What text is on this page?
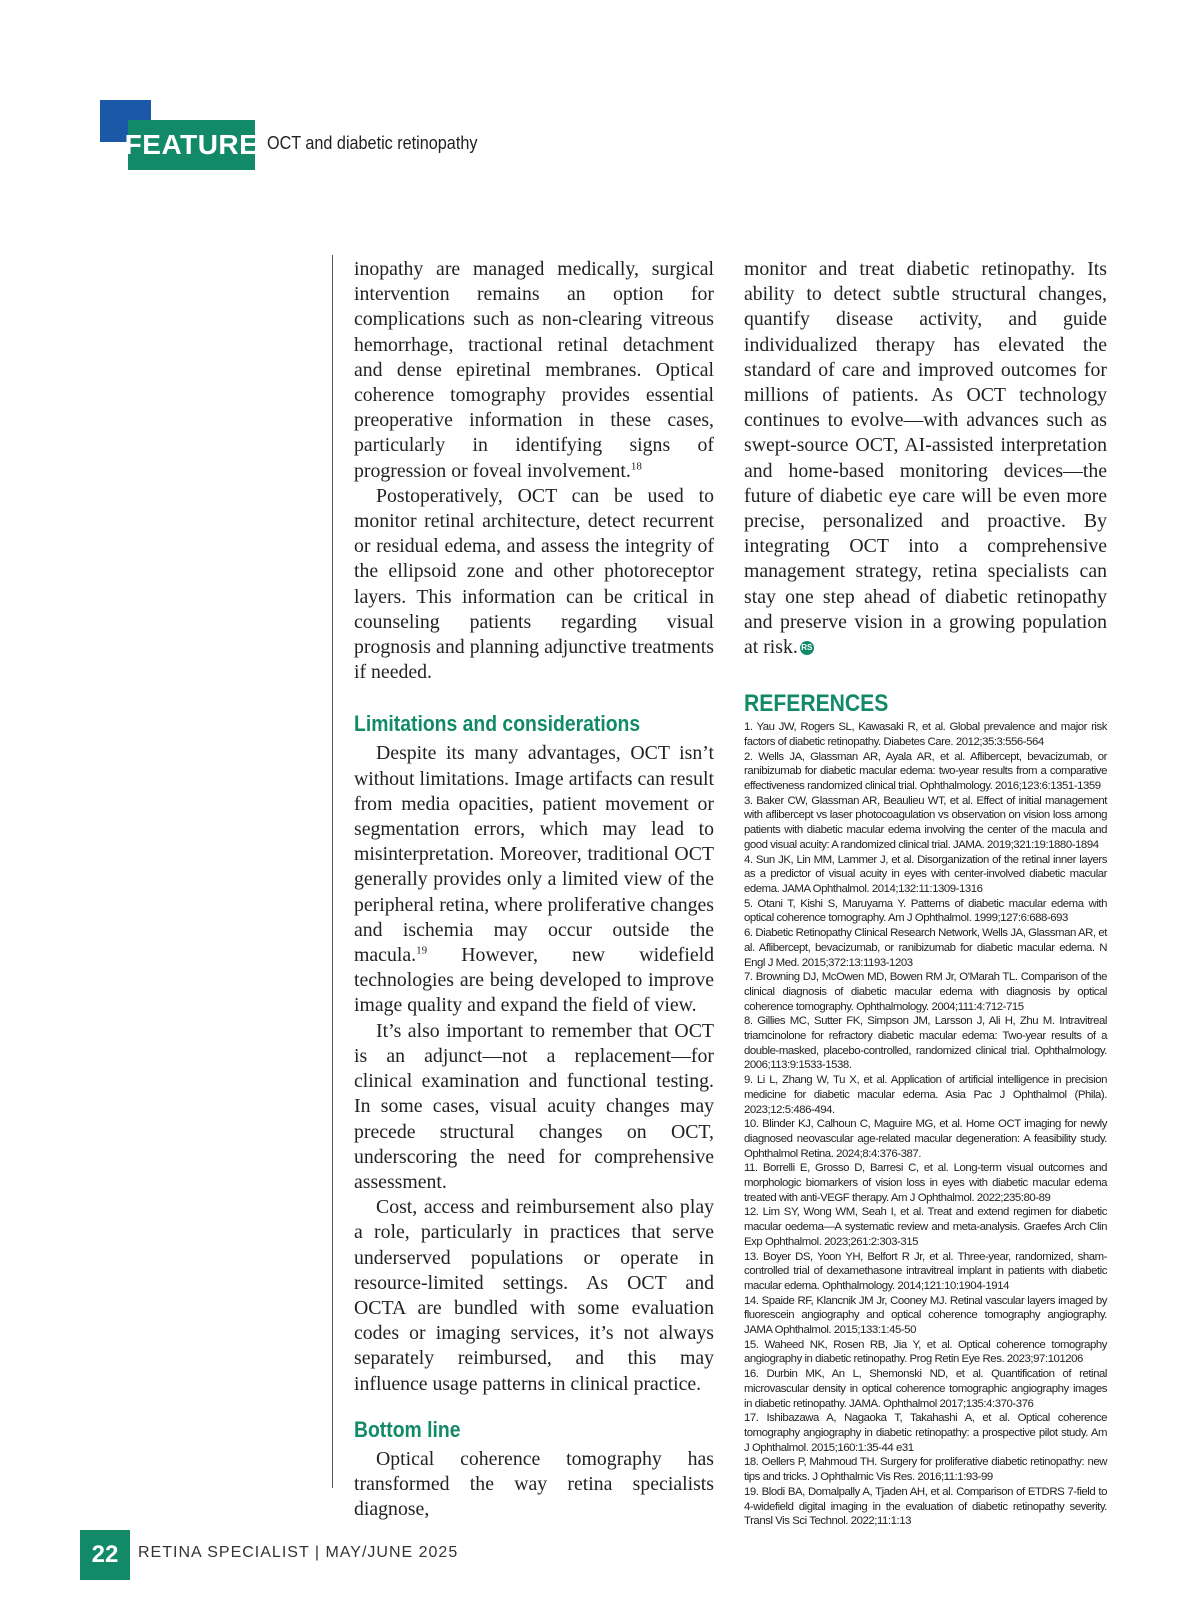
FEATURE OCT and diabetic retinopathy

inopathy are managed medically, surgical intervention remains an option for complications such as non-clearing vitreous hemorrhage, tractional retinal detachment and dense epiretinal membranes. Optical coherence tomography provides essential preoperative information in these cases, particularly in identifying signs of progression or foveal involvement.$^{18}$

Postoperatively, OCT can be used to monitor retinal architecture, detect recurrent or residual edema, and assess the integrity of the ellipsoid zone and other photoreceptor layers. This information can be critical in counseling patients regarding visual prognosis and planning adjunctive treatments if needed.

Limitations and considerations

Despite its many advantages, OCT isn’t without limitations. Image artifacts can result from media opacities, patient movement or segmentation errors, which may lead to misinterpretation. Moreover, traditional OCT generally provides only a limited view of the peripheral retina, where proliferative changes and ischemia may occur outside the macula.$^{19}$ However, new widefield technologies are being developed to improve image quality and expand the field of view.

It’s also important to remember that OCT is an adjunct—not a replacement—for clinical examination and functional testing. In some cases, visual acuity changes may precede structural changes on OCT, underscoring the need for comprehensive assessment.

Cost, access and reimbursement also play a role, particularly in practices that serve underserved populations or operate in resource-limited settings. As OCT and OCTA are bundled with some evaluation codes or imaging services, it’s not always separately reimbursed, and this may influence usage patterns in clinical practice.

Bottom line

Optical coherence tomography has transformed the way retina specialists diagnose,

monitor and treat diabetic retinopathy. Its ability to detect subtle structural changes, quantify disease activity, and guide individualized therapy has elevated the standard of care and improved outcomes for millions of patients. As OCT technology continues to evolve—with advances such as swept-source OCT, AI-assisted interpretation and home-based monitoring devices—the future of diabetic eye care will be even more precise, personalized and proactive. By integrating OCT into a comprehensive management strategy, retina specialists can stay one step ahead of diabetic retinopathy and preserve vision in a growing population at risk. RS

REFERENCES
1. Yau JW, Rogers SL, Kawasaki R, et al. Global prevalence and major risk factors of diabetic retinopathy. Diabetes Care. 2012;35:3:556-564
2. Wells JA, Glassman AR, Ayala AR, et al. Aflibercept, bevacizumab, or ranibizumab for diabetic macular edema: two-year results from a comparative effectiveness randomized clinical trial. Ophthalmology. 2016;123:6:1351-1359
3. Baker CW, Glassman AR, Beaulieu WT, et al. Effect of initial management with aflibercept vs laser photocoagulation vs observation on vision loss among patients with diabetic macular edema involving the center of the macula and good visual acuity: A randomized clinical trial. JAMA. 2019;321:19:1880-1894
4. Sun JK, Lin MM, Lammer J, et al. Disorganization of the retinal inner layers as a predictor of visual acuity in eyes with center-involved diabetic macular edema. JAMA Ophthalmol. 2014;132:11:1309-1316
5. Otani T, Kishi S, Maruyama Y. Patterns of diabetic macular edema with optical coherence tomography. Am J Ophthalmol. 1999;127:6:688-693
6. Diabetic Retinopathy Clinical Research Network, Wells JA, Glassman AR, et al. Aflibercept, bevacizumab, or ranibizumab for diabetic macular edema. N Engl J Med. 2015;372:13:1193-1203
7. Browning DJ, McOwen MD, Bowen RM Jr, O'Marah TL. Comparison of the clinical diagnosis of diabetic macular edema with diagnosis by optical coherence tomography. Ophthalmology. 2004;111:4:712-715
8. Gillies MC, Sutter FK, Simpson JM, Larsson J, Ali H, Zhu M. Intravitreal triamcinolone for refractory diabetic macular edema: Two-year results of a double-masked, placebo-controlled, randomized clinical trial. Ophthalmology. 2006;113:9:1533-1538.
9. Li L, Zhang W, Tu X, et al. Application of artificial intelligence in precision medicine for diabetic macular edema. Asia Pac J Ophthalmol (Phila). 2023;12:5:486-494.
10. Blinder KJ, Calhoun C, Maguire MG, et al. Home OCT imaging for newly diagnosed neovascular age-related macular degeneration: A feasibility study. Ophthalmol Retina. 2024;8:4:376-387.
11. Borrelli E, Grosso D, Barresi C, et al. Long-term visual outcomes and morphologic biomarkers of vision loss in eyes with diabetic macular edema treated with anti-VEGF therapy. Am J Ophthalmol. 2022;235:80-89
12. Lim SY, Wong WM, Seah I, et al. Treat and extend regimen for diabetic macular oedema—A systematic review and meta-analysis. Graefes Arch Clin Exp Ophthalmol. 2023;261:2:303-315
13. Boyer DS, Yoon YH, Belfort R Jr, et al. Three-year, randomized, sham-controlled trial of dexamethasone intravitreal implant in patients with diabetic macular edema. Ophthalmology. 2014;121:10:1904-1914
14. Spaide RF, Klancnik JM Jr, Cooney MJ. Retinal vascular layers imaged by fluorescein angiography and optical coherence tomography angiography. JAMA Ophthalmol. 2015;133:1:45-50
15. Waheed NK, Rosen RB, Jia Y, et al. Optical coherence tomography angiography in diabetic retinopathy. Prog Retin Eye Res. 2023;97:101206
16. Durbin MK, An L, Shemonski ND, et al. Quantification of retinal microvascular density in optical coherence tomographic angiography images in diabetic retinopathy. JAMA. Ophthalmol 2017;135:4:370-376
17. Ishibazawa A, Nagaoka T, Takahashi A, et al. Optical coherence tomography angiography in diabetic retinopathy: a prospective pilot study. Am J Ophthalmol. 2015;160:1:35-44 e31
18. Oellers P, Mahmoud TH. Surgery for proliferative diabetic retinopathy: new tips and tricks. J Ophthalmic Vis Res. 2016;11:1:93-99
19. Blodi BA, Domalpally A, Tjaden AH, et al. Comparison of ETDRS 7-field to 4-widefield digital imaging in the evaluation of diabetic retinopathy severity. Transl Vis Sci Technol. 2022;11:1:13
22	RETINA SPECIALIST | MAY/JUNE 2025
